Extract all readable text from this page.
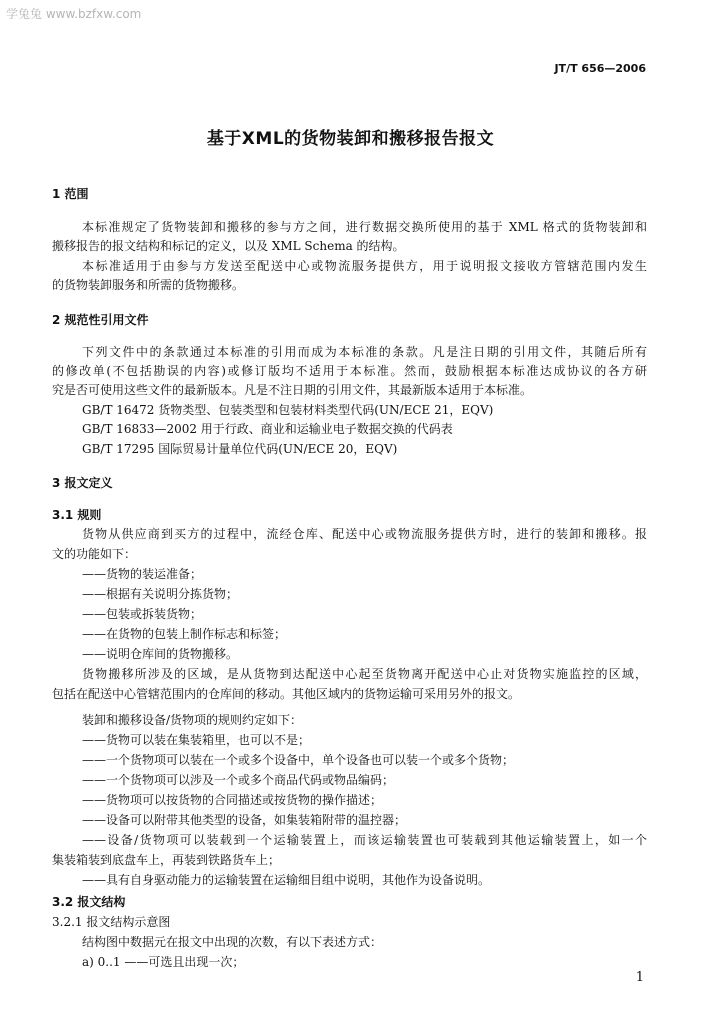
学兔兔 www.bzfxw.com
JT/T 656—2006
基于XML的货物装卸和搬移报告报文
1 范围
本标准规定了货物装卸和搬移的参与方之间，进行数据交换所使用的基于 XML 格式的货物装卸和
搬移报告的报文结构和标记的定义，以及 XML Schema 的结构。
本标准适用于由参与方发送至配送中心或物流服务提供方，用于说明报文接收方管辖范围内发生
的货物装卸服务和所需的货物搬移。
2 规范性引用文件
下列文件中的条款通过本标准的引用而成为本标准的条款。凡是注日期的引用文件，其随后所有
的修改单(不包括勘误的内容)或修订版均不适用于本标准。然而，鼓励根据本标准达成协议的各方研
究是否可使用这些文件的最新版本。凡是不注日期的引用文件，其最新版本适用于本标准。
GB/T 16472 货物类型、包装类型和包装材料类型代码(UN/ECE 21，EQV)
GB/T 16833—2002 用于行政、商业和运输业电子数据交换的代码表
GB/T 17295 国际贸易计量单位代码(UN/ECE 20，EQV)
3 报文定义
3.1 规则
货物从供应商到买方的过程中，流经仓库、配送中心或物流服务提供方时，进行的装卸和搬移。报
文的功能如下：
——货物的装运准备；
——根据有关说明分拣货物；
——包装或拆装货物；
——在货物的包装上制作标志和标签；
——说明仓库间的货物搬移。
货物搬移所涉及的区域，是从货物到达配送中心起至货物离开配送中心止对货物实施监控的区域，
包括在配送中心管辖范围内的仓库间的移动。其他区域内的货物运输可采用另外的报文。
装卸和搬移设备/货物项的规则约定如下：
——货物可以装在集装箱里，也可以不是；
——一个货物项可以装在一个或多个设备中，单个设备也可以装一个或多个货物；
——一个货物项可以涉及一个或多个商品代码或物品编码；
——货物项可以按货物的合同描述或按货物的操作描述；
——设备可以附带其他类型的设备，如集装箱附带的温控器；
——设备/货物项可以装载到一个运输装置上，而该运输装置也可装载到其他运输装置上，如一个
集装箱装到底盘车上，再装到铁路货车上；
——具有自身驱动能力的运输装置在运输细目组中说明，其他作为设备说明。
3.2 报文结构
3.2.1 报文结构示意图
结构图中数据元在报文中出现的次数，有以下表述方式：
a) 0..1 ——可选且出现一次；
1
